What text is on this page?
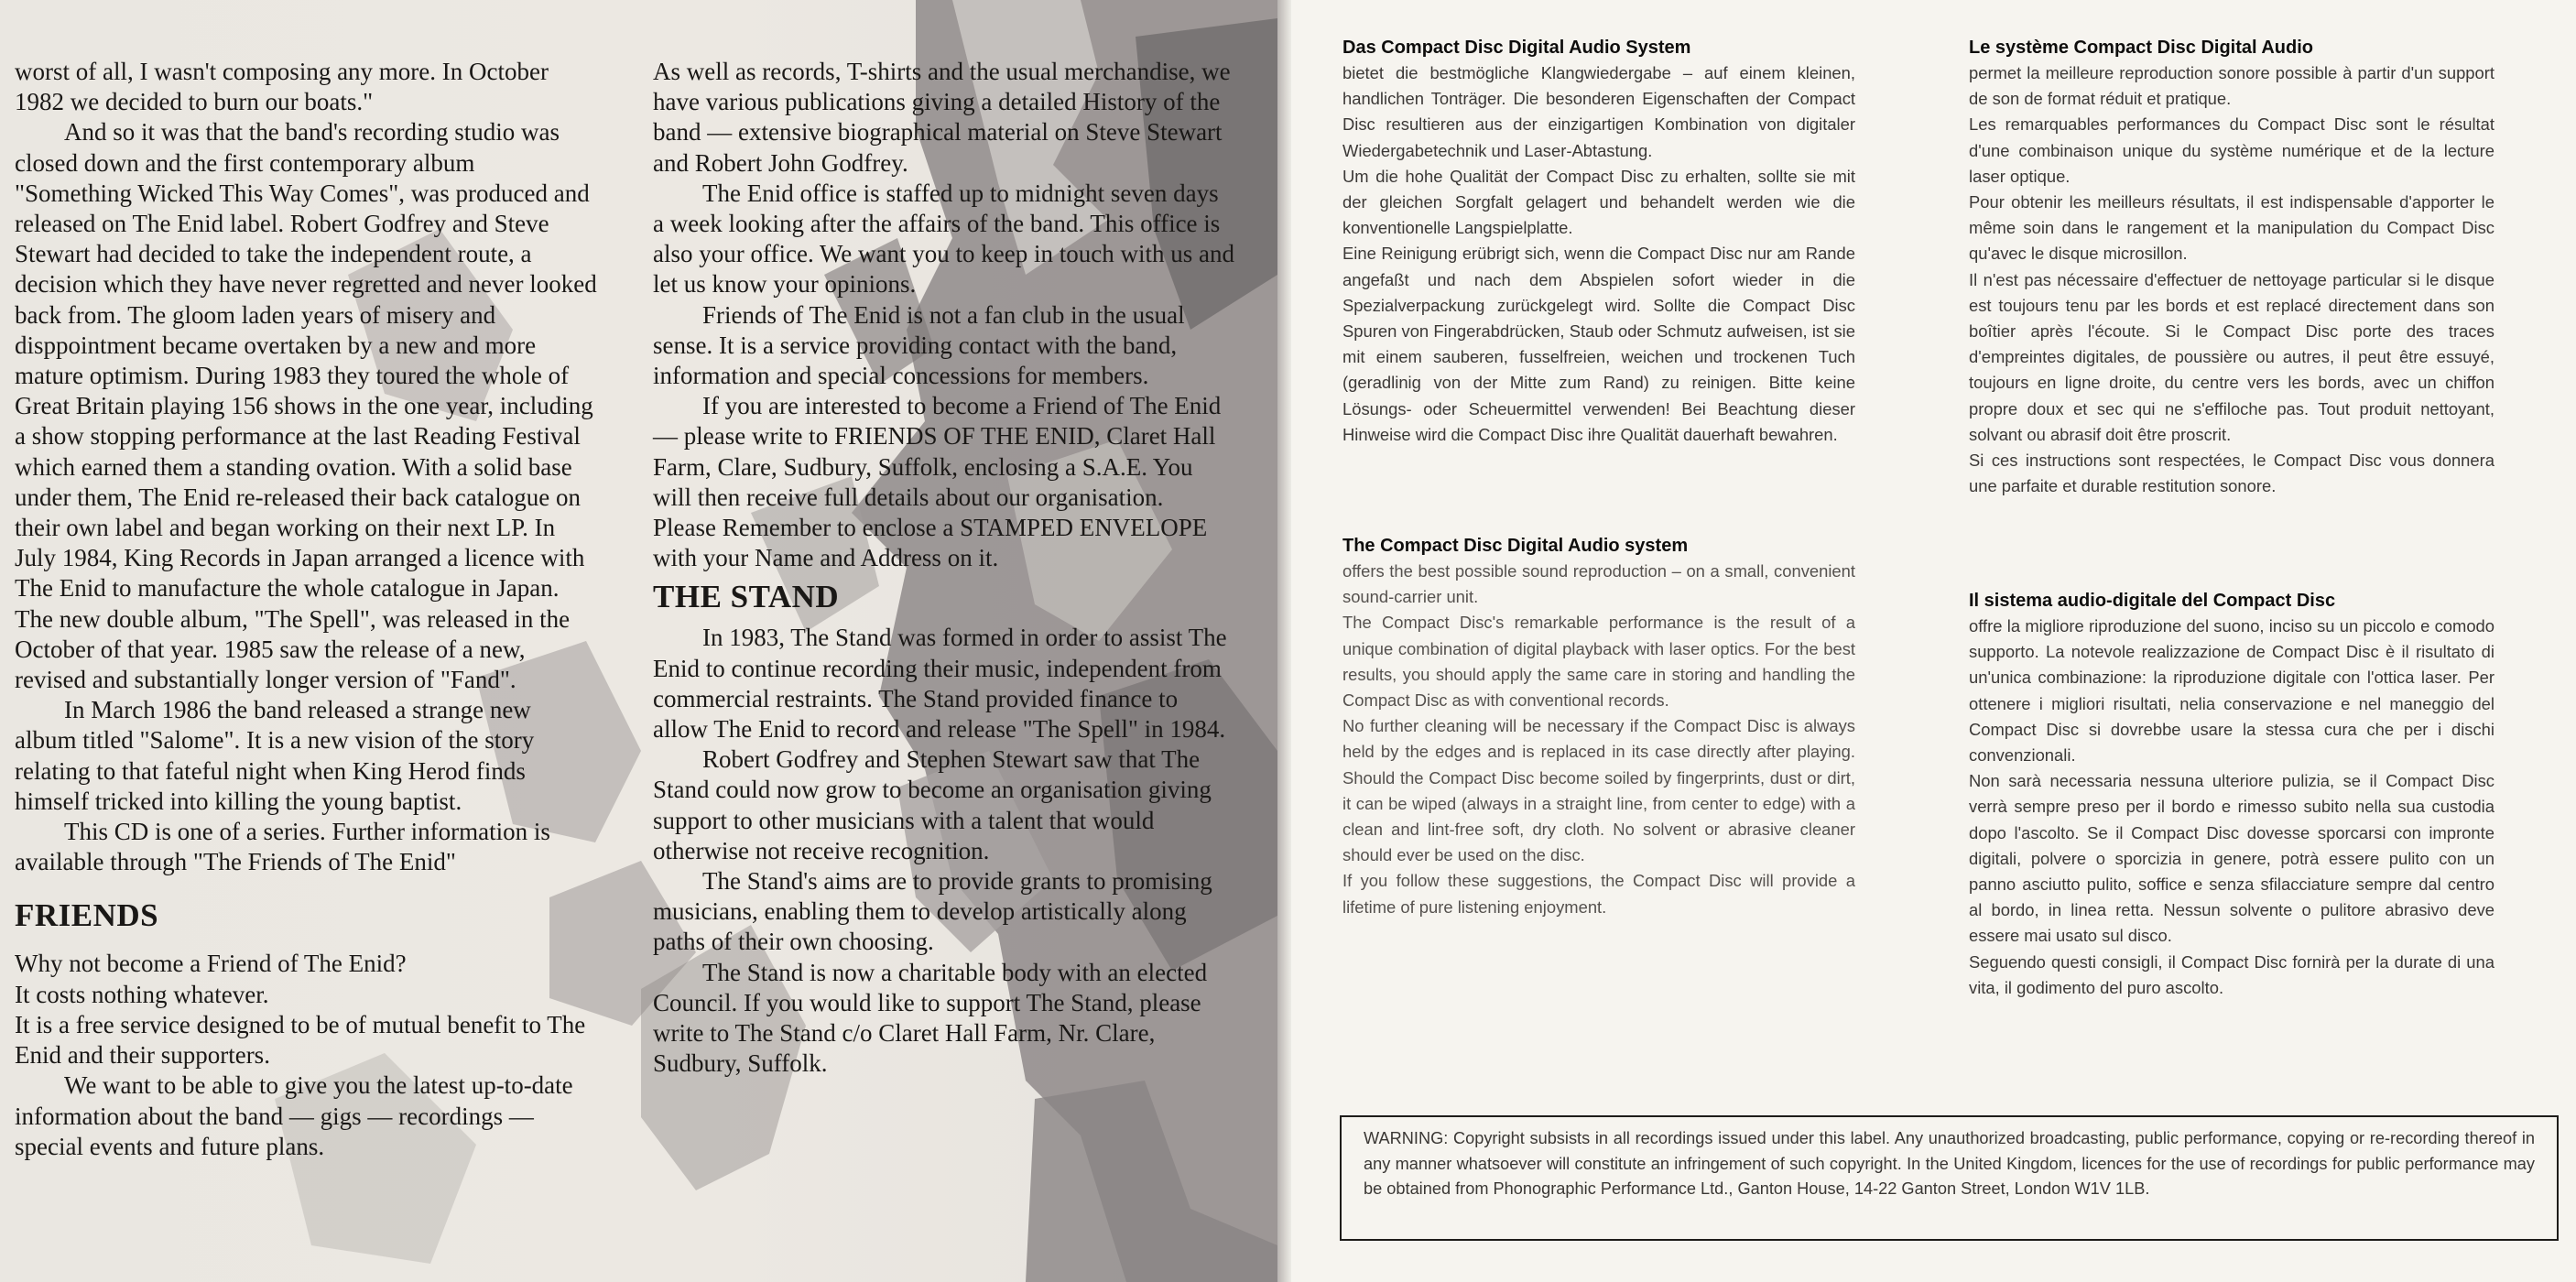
worst of all, I wasn't composing any more. In October 1982 we decided to burn our boats."

And so it was that the band's recording studio was closed down and the first contemporary album "Something Wicked This Way Comes", was produced and released on The Enid label. Robert Godfrey and Steve Stewart had decided to take the independent route, a decision which they have never regretted and never looked back from. The gloom laden years of misery and disppointment became overtaken by a new and more mature optimism. During 1983 they toured the whole of Great Britain playing 156 shows in the one year, including a show stopping performance at the last Reading Festival which earned them a standing ovation. With a solid base under them, The Enid re-released their back catalogue on their own label and began working on their next LP. In July 1984, King Records in Japan arranged a licence with The Enid to manufacture the whole catalogue in Japan. The new double album, "The Spell", was released in the October of that year. 1985 saw the release of a new, revised and substantially longer version of "Fand".

In March 1986 the band released a strange new album titled "Salome". It is a new vision of the story relating to that fateful night when King Herod finds himself tricked into killing the young baptist.

This CD is one of a series. Further information is available through "The Friends of The Enid"

FRIENDS

Why not become a Friend of The Enid?

It costs nothing whatever.

It is a free service designed to be of mutual benefit to The Enid and their supporters.

We want to be able to give you the latest up-to-date information about the band — gigs — recordings — special events and future plans.

As well as records, T-shirts and the usual merchandise, we have various publications giving a detailed History of the band — extensive biographical material on Steve Stewart and Robert John Godfrey.

The Enid office is staffed up to midnight seven days a week looking after the affairs of the band. This office is also your office. We want you to keep in touch with us and let us know your opinions.

Friends of The Enid is not a fan club in the usual sense. It is a service providing contact with the band, information and special concessions for members.

If you are interested to become a Friend of The Enid — please write to FRIENDS OF THE ENID, Claret Hall Farm, Clare, Sudbury, Suffolk, enclosing a S.A.E. You will then receive full details about our organisation.

Please Remember to enclose a STAMPED ENVELOPE with your Name and Address on it.

THE STAND

In 1983, The Stand was formed in order to assist The Enid to continue recording their music, independent from commercial restraints. The Stand provided finance to allow The Enid to record and release "The Spell" in 1984.

Robert Godfrey and Stephen Stewart saw that The Stand could now grow to become an organisation giving support to other musicians with a talent that would otherwise not receive recognition.

The Stand's aims are to provide grants to promising musicians, enabling them to develop artistically along paths of their own choosing.

The Stand is now a charitable body with an elected Council. If you would like to support The Stand, please write to The Stand c/o Claret Hall Farm, Nr. Clare, Sudbury, Suffolk.

Das Compact Disc Digital Audio System

bietet die bestmögliche Klangwiedergabe – auf einem kleinen, handlichen Tonträger. Die besonderen Eigenschaften der Compact Disc resultieren aus der einzigartigen Kombination von digitaler Wiedergabetechnik und Laser-Abtastung.

Um die hohe Qualität der Compact Disc zu erhalten, sollte sie mit der gleichen Sorgfalt gelagert und behandelt werden wie die konventionelle Langspielplatte.

Eine Reinigung erübrigt sich, wenn die Compact Disc nur am Rande angefaßt und nach dem Abspielen sofort wieder in die Spezialverpackung zurückgelegt wird. Sollte die Compact Disc Spuren von Fingerabdrücken, Staub oder Schmutz aufweisen, ist sie mit einem sauberen, fusselfreien, weichen und trockenen Tuch (geradlinig von der Mitte zum Rand) zu reinigen. Bitte keine Lösungs- oder Scheuermittel verwenden! Bei Beachtung dieser Hinweise wird die Compact Disc ihre Qualität dauerhaft bewahren.

The Compact Disc Digital Audio system

offers the best possible sound reproduction – on a small, convenient sound-carrier unit.

The Compact Disc's remarkable performance is the result of a unique combination of digital playback with laser optics. For the best results, you should apply the same care in storing and handling the Compact Disc as with conventional records.

No further cleaning will be necessary if the Compact Disc is always held by the edges and is replaced in its case directly after playing. Should the Compact Disc become soiled by fingerprints, dust or dirt, it can be wiped (always in a straight line, from center to edge) with a clean and lint-free soft, dry cloth. No solvent or abrasive cleaner should ever be used on the disc.

If you follow these suggestions, the Compact Disc will provide a lifetime of pure listening enjoyment.

Le système Compact Disc Digital Audio

permet la meilleure reproduction sonore possible à partir d'un support de son de format réduit et pratique.

Les remarquables performances du Compact Disc sont le résultat d'une combinaison unique du système numérique et de la lecture laser optique.

Pour obtenir les meilleurs résultats, il est indispensable d'apporter le même soin dans le rangement et la manipulation du Compact Disc qu'avec le disque microsillon.

Il n'est pas nécessaire d'effectuer de nettoyage particular si le disque est toujours tenu par les bords et est replacé directement dans son boîtier après l'écoute. Si le Compact Disc porte des traces d'empreintes digitales, de poussière ou autres, il peut être essuyé, toujours en ligne droite, du centre vers les bords, avec un chiffon propre doux et sec qui ne s'effiloche pas. Tout produit nettoyant, solvant ou abrasif doit être proscrit.

Si ces instructions sont respectées, le Compact Disc vous donnera une parfaite et durable restitution sonore.

Il sistema audio-digitale del Compact Disc

offre la migliore riproduzione del suono, inciso su un piccolo e comodo supporto. La notevole realizzazione de Compact Disc è il risultato di un'unica combinazione: la riproduzione digitale con l'ottica laser. Per ottenere i migliori risultati, nelia conservazione e nel maneggio del Compact Disc si dovrebbe usare la stessa cura che per i dischi convenzionali.

Non sarà necessaria nessuna ulteriore pulizia, se il Compact Disc verrà sempre preso per il bordo e rimesso subito nella sua custodia dopo l'ascolto. Se il Compact Disc dovesse sporcarsi con impronte digitali, polvere o sporcizia in genere, potrà essere pulito con un panno asciutto pulito, soffice e senza sfilacciature sempre dal centro al bordo, in linea retta. Nessun solvente o pulitore abrasivo deve essere mai usato sul disco.

Seguendo questi consigli, il Compact Disc fornirà per la durate di una vita, il godimento del puro ascolto.

WARNING: Copyright subsists in all recordings issued under this label. Any unauthorized broadcasting, public performance, copying or re-recording thereof in any manner whatsoever will constitute an infringement of such copyright. In the United Kingdom, licences for the use of recordings for public performance may be obtained from Phonographic Performance Ltd., Ganton House, 14-22 Ganton Street, London W1V 1LB.
